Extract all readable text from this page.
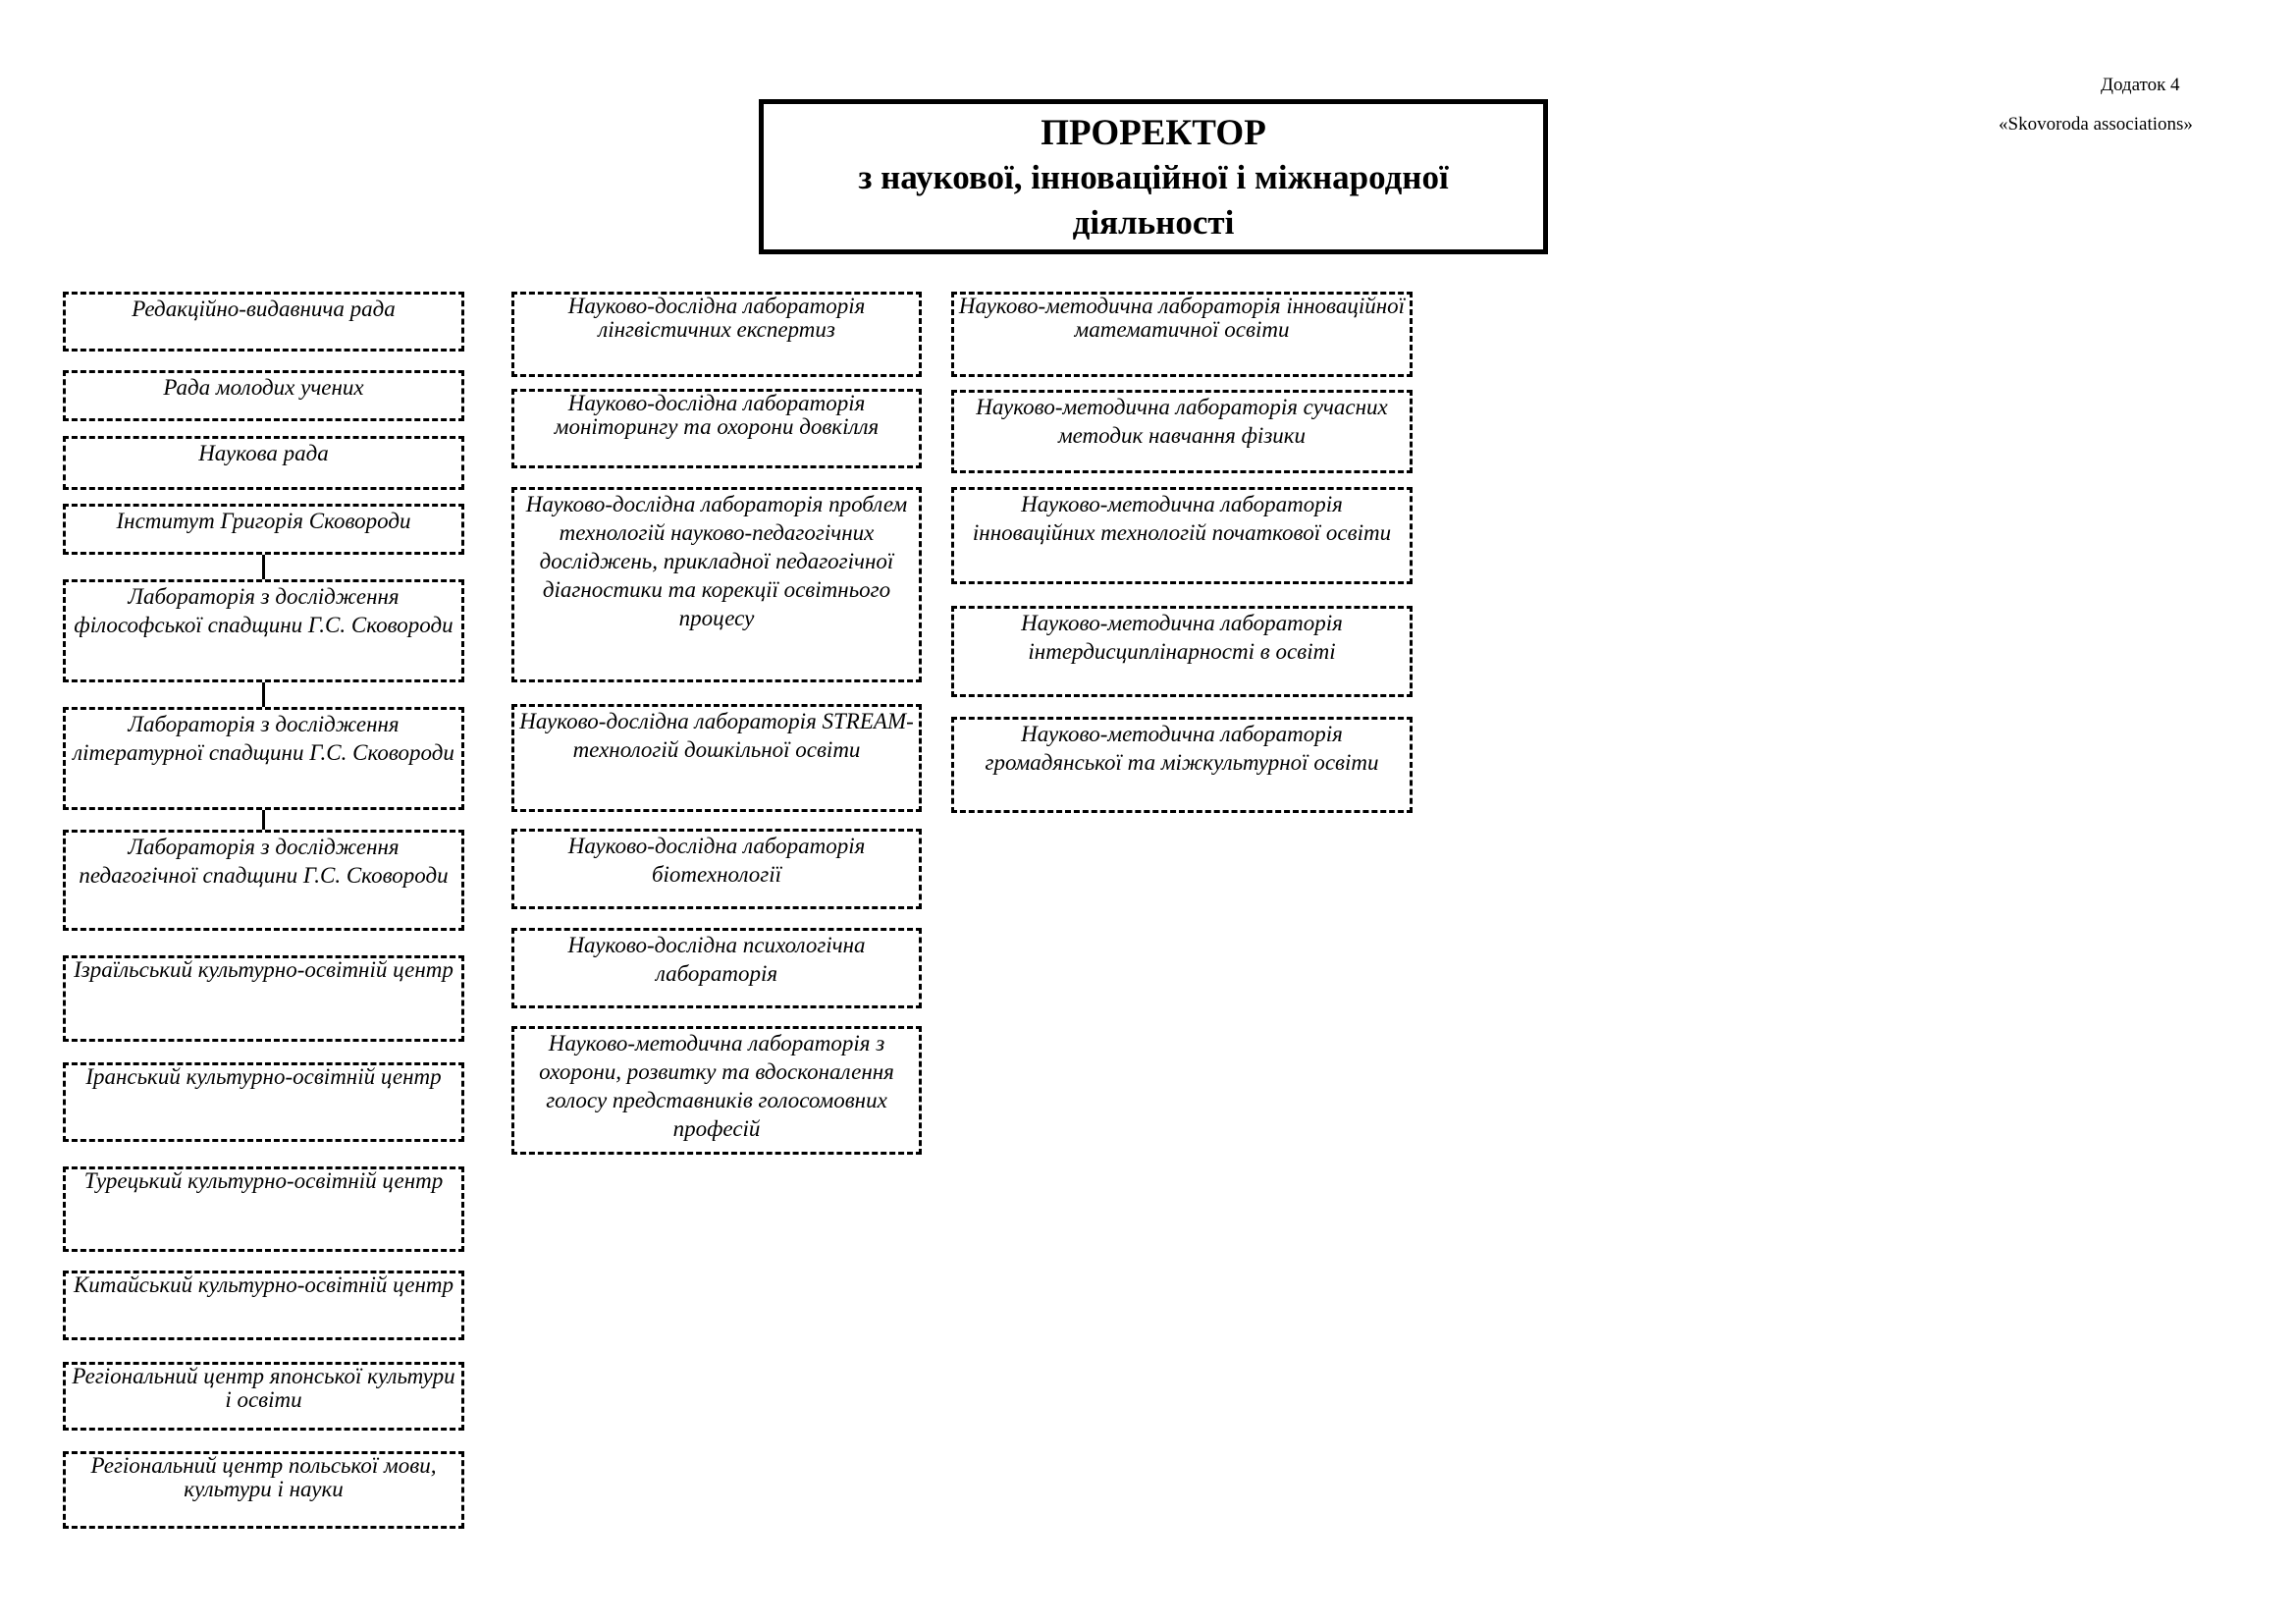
Додаток 4
«Skovoroda associations»
ПРОРЕКТОР
з наукової, інноваційної і міжнародної діяльності
Редакційно-видавнича рада
Рада молодих учених
Наукова рада
Інститут Григорія Сковороди
Лабораторія з дослідження філософської спадщини Г.С. Сковороди
Лабораторія з дослідження літературної спадщини Г.С. Сковороди
Лабораторія з дослідження педагогічної спадщини Г.С. Сковороди
Ізраїльський культурно-освітній центр
Іранський культурно-освітній центр
Турецький культурно-освітній центр
Китайський культурно-освітній центр
Регіональний центр японської культури і освіти
Регіональний центр польської мови, культури і науки
Науково-дослідна лабораторія лінгвістичних експертиз
Науково-дослідна лабораторія моніторингу та охорони довкілля
Науково-дослідна лабораторія проблем технологій науково-педагогічних досліджень, прикладної педагогічної діагностики та корекції освітнього процесу
Науково-дослідна лабораторія STREAM-технологій дошкільної освіти
Науково-дослідна лабораторія біотехнології
Науково-дослідна психологічна лабораторія
Науково-методична лабораторія з охорони, розвитку та вдосконалення голосу представників голосомовних професій
Науково-методична лабораторія інноваційної математичної освіти
Науково-методична лабораторія сучасних методик навчання фізики
Науково-методична лабораторія інноваційних технологій початкової освіти
Науково-методична лабораторія інтердисциплінарності в освіті
Науково-методична лабораторія громадянської та міжкультурної освіти
